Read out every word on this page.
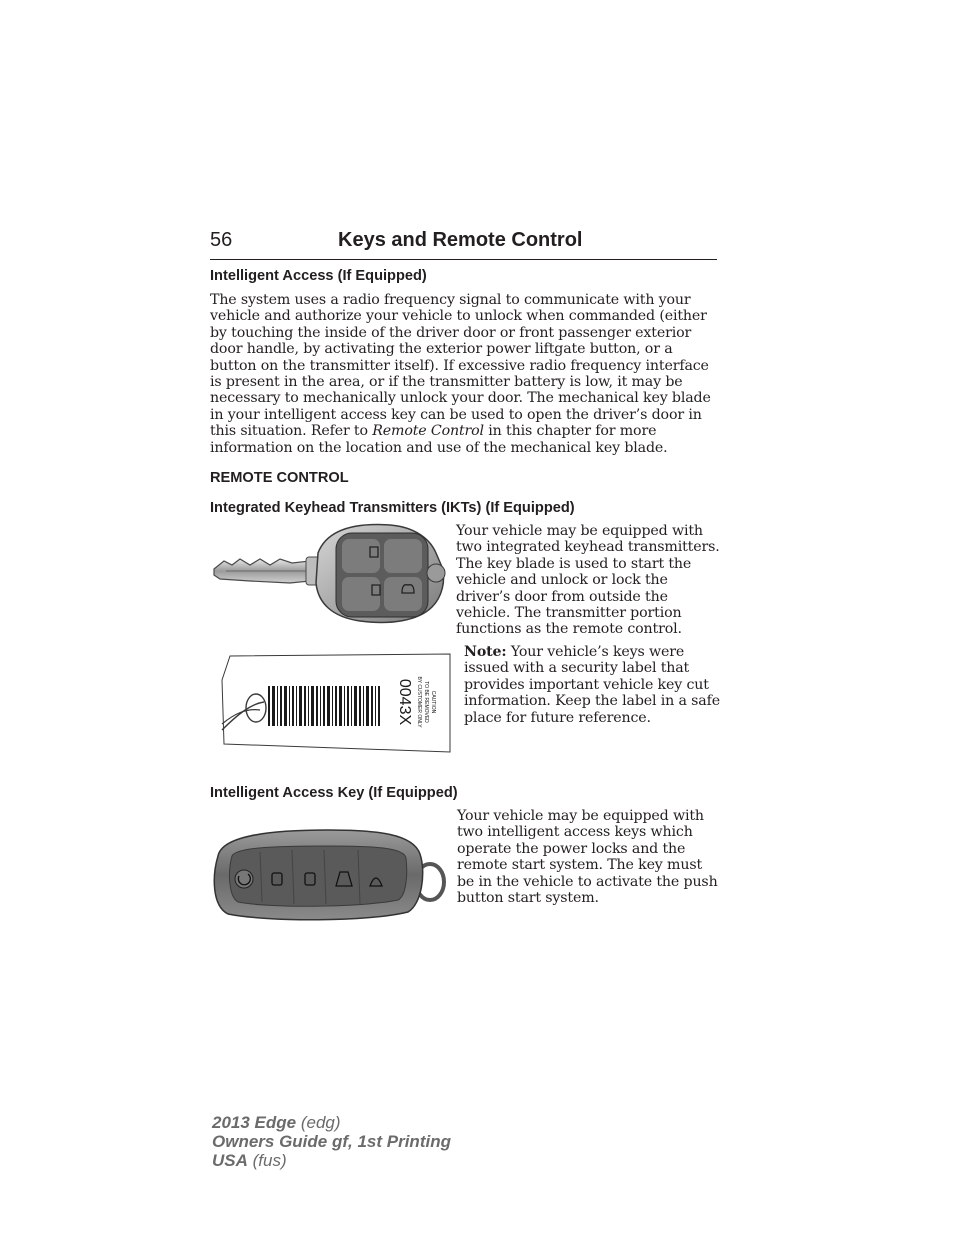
56	Keys and Remote Control
Intelligent Access (If Equipped)

The system uses a radio frequency signal to communicate with your vehicle and authorize your vehicle to unlock when commanded (either by touching the inside of the driver door or front passenger exterior door handle, by activating the exterior power liftgate button, or a button on the transmitter itself). If excessive radio frequency interface is present in the area, or if the transmitter battery is low, it may be necessary to mechanically unlock your door. The mechanical key blade in your intelligent access key can be used to open the driver’s door in this situation. Refer to Remote Control in this chapter for more information on the location and use of the mechanical key blade.

REMOTE CONTROL
Integrated Keyhead Transmitters (IKTs) (If Equipped)

Your vehicle may be equipped with two integrated keyhead transmitters. The key blade is used to start the vehicle and unlock or lock the driver’s door from outside the vehicle. The transmitter portion functions as the remote control.

Note: Your vehicle’s keys were issued with a security label that provides important vehicle key cut information. Keep the label in a safe place for future reference.

0043X	CAUTION
TO BE REMOVED
BY CUSTOMER ONLY
Intelligent Access Key (If Equipped)

Your vehicle may be equipped with two intelligent access keys which operate the power locks and the remote start system. The key must be in the vehicle to activate the push button start system.

2013 Edge (edg)
Owners Guide gf, 1st Printing
USA (fus)
